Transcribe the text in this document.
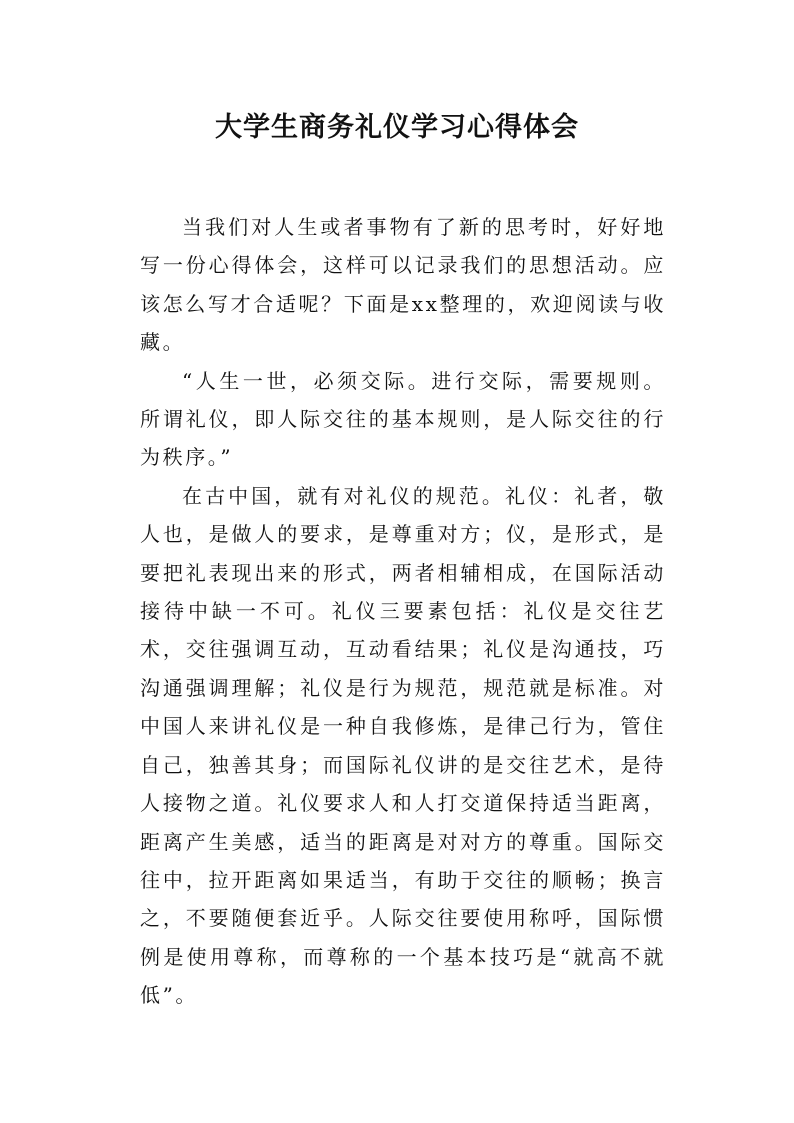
大学生商务礼仪学习心得体会

当我们对人生或者事物有了新的思考时，好好地写一份心得体会，这样可以记录我们的思想活动。应该怎么写才合适呢？下面是xx整理的，欢迎阅读与收藏。

“人生一世，必须交际。进行交际，需要规则。所谓礼仪，即人际交往的基本规则，是人际交往的行为秩序。”

在古中国，就有对礼仪的规范。礼仪：礼者，敬人也，是做人的要求，是尊重对方；仪，是形式，是要把礼表现出来的形式，两者相辅相成，在国际活动接待中缺一不可。礼仪三要素包括：礼仪是交往艺术，交往强调互动，互动看结果；礼仪是沟通技，巧沟通强调理解；礼仪是行为规范，规范就是标准。对中国人来讲礼仪是一种自我修炼，是律己行为，管住自己，独善其身；而国际礼仪讲的是交往艺术，是待人接物之道。礼仪要求人和人打交道保持适当距离，距离产生美感，适当的距离是对对方的尊重。国际交往中，拉开距离如果适当，有助于交往的顺畅；换言之，不要随便套近乎。人际交往要使用称呼，国际惯例是使用尊称，而尊称的一个基本技巧是“就高不就低”。
